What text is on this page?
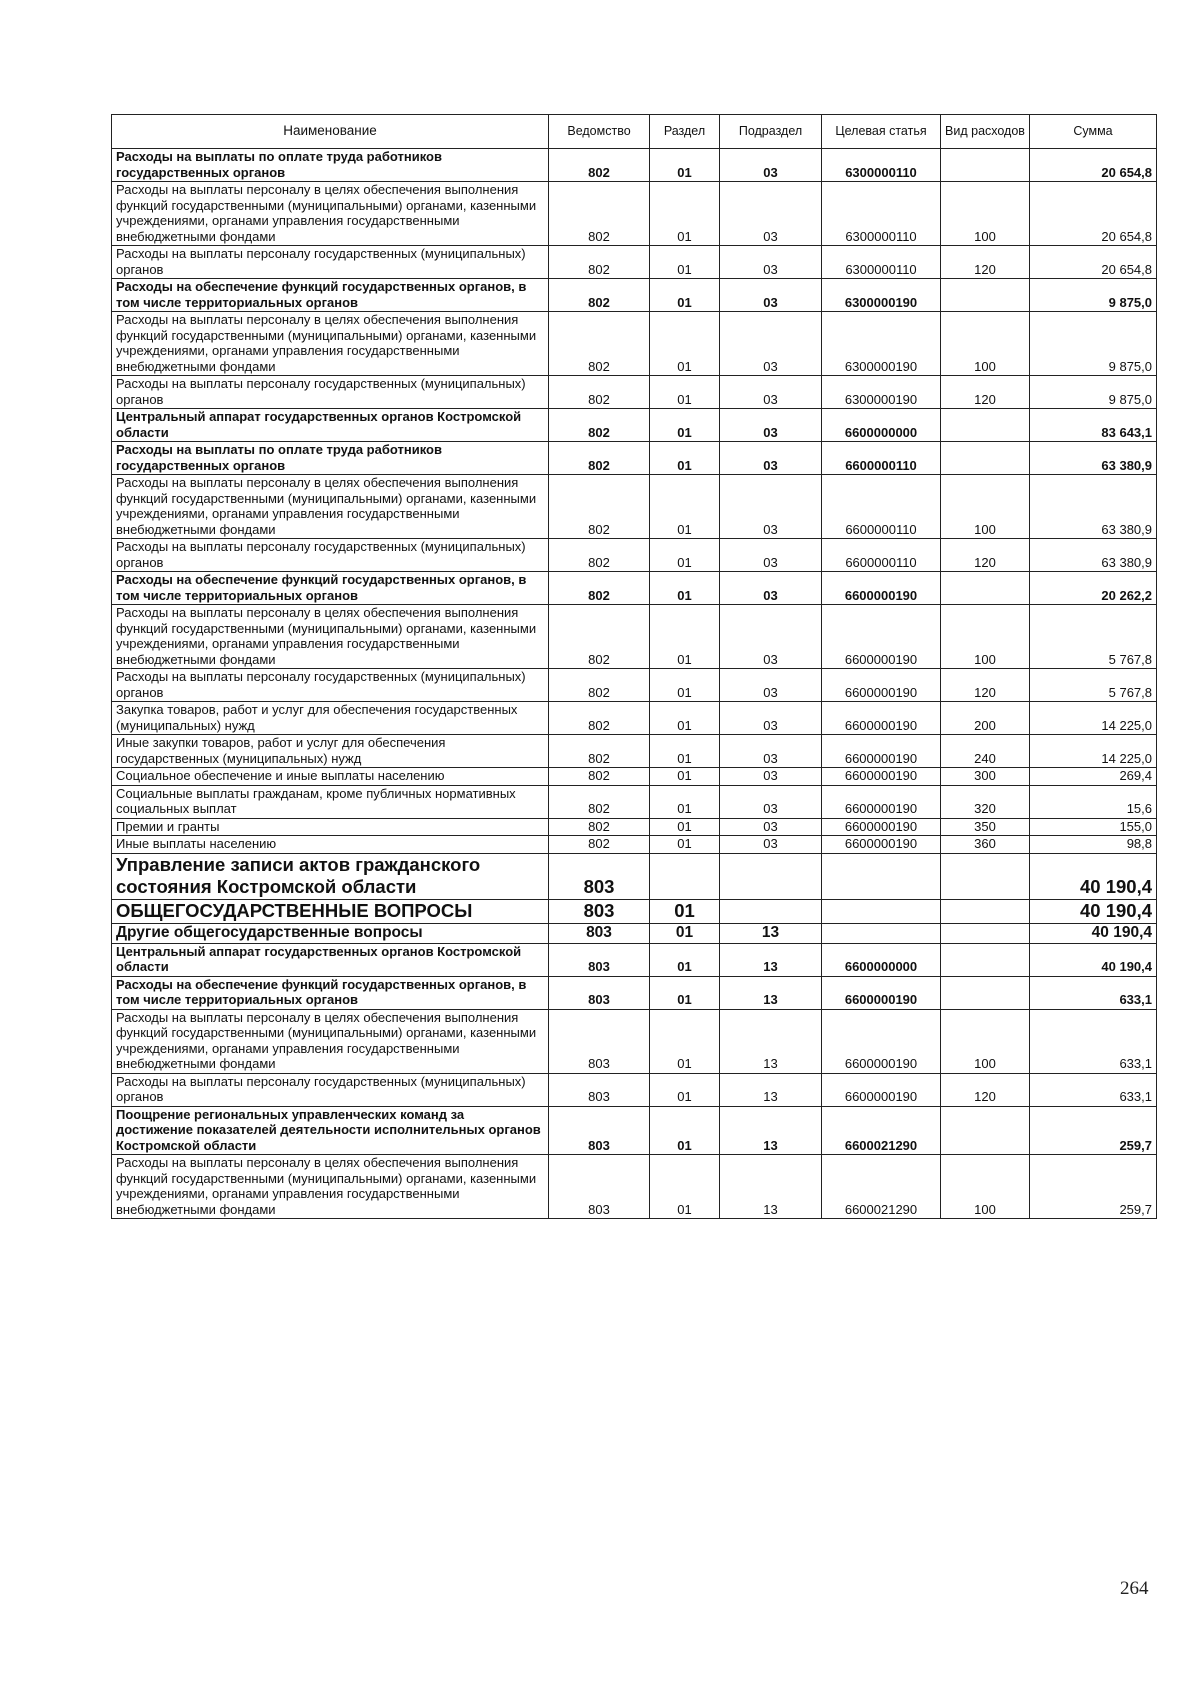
Наименование	Ведомство	Раздел	Подраздел	Целевая статья	Вид расходов	Сумма
Расходы на выплаты по оплате труда работников государственных органов	802	01	03	6300000110		20 654,8
Расходы на выплаты персоналу в целях обеспечения выполнения функций государственными (муниципальными) органами, казенными учреждениями, органами управления государственными внебюджетными фондами	802	01	03	6300000110	100	20 654,8
Расходы на выплаты персоналу государственных (муниципальных) органов	802	01	03	6300000110	120	20 654,8
Расходы на обеспечение функций государственных органов, в том числе территориальных органов	802	01	03	6300000190		9 875,0
Расходы на выплаты персоналу в целях обеспечения выполнения функций государственными (муниципальными) органами, казенными учреждениями, органами управления государственными внебюджетными фондами	802	01	03	6300000190	100	9 875,0
Расходы на выплаты персоналу государственных (муниципальных) органов	802	01	03	6300000190	120	9 875,0
Центральный аппарат государственных органов Костромской области	802	01	03	6600000000		83 643,1
Расходы на выплаты по оплате труда работников государственных органов	802	01	03	6600000110		63 380,9
Расходы на выплаты персоналу в целях обеспечения выполнения функций государственными (муниципальными) органами, казенными учреждениями, органами управления государственными внебюджетными фондами	802	01	03	6600000110	100	63 380,9
Расходы на выплаты персоналу государственных (муниципальных) органов	802	01	03	6600000110	120	63 380,9
Расходы на обеспечение функций государственных органов, в том числе территориальных органов	802	01	03	6600000190		20 262,2
Расходы на выплаты персоналу в целях обеспечения выполнения функций государственными (муниципальными) органами, казенными учреждениями, органами управления государственными внебюджетными фондами	802	01	03	6600000190	100	5 767,8
Расходы на выплаты персоналу государственных (муниципальных) органов	802	01	03	6600000190	120	5 767,8
Закупка товаров, работ и услуг для обеспечения государственных (муниципальных) нужд	802	01	03	6600000190	200	14 225,0
Иные закупки товаров, работ и услуг для обеспечения государственных (муниципальных) нужд	802	01	03	6600000190	240	14 225,0
Социальное обеспечение и иные выплаты населению	802	01	03	6600000190	300	269,4
Социальные выплаты гражданам, кроме публичных нормативных социальных выплат	802	01	03	6600000190	320	15,6
Премии и гранты	802	01	03	6600000190	350	155,0
Иные выплаты населению	802	01	03	6600000190	360	98,8
Управление записи актов гражданского состояния Костромской области	803					40 190,4
ОБЩЕГОСУДАРСТВЕННЫЕ ВОПРОСЫ	803	01				40 190,4
Другие общегосударственные вопросы	803	01	13			40 190,4
Центральный аппарат государственных органов Костромской области	803	01	13	6600000000		40 190,4
Расходы на обеспечение функций государственных органов, в том числе территориальных органов	803	01	13	6600000190		633,1
Расходы на выплаты персоналу в целях обеспечения выполнения функций государственными (муниципальными) органами, казенными учреждениями, органами управления государственными внебюджетными фондами	803	01	13	6600000190	100	633,1
Расходы на выплаты персоналу государственных (муниципальных) органов	803	01	13	6600000190	120	633,1
Поощрение региональных управленческих команд за достижение показателей деятельности исполнительных органов Костромской области	803	01	13	6600021290		259,7
Расходы на выплаты персоналу в целях обеспечения выполнения функций государственными (муниципальными) органами, казенными учреждениями, органами управления государственными внебюджетными фондами	803	01	13	6600021290	100	259,7
264
